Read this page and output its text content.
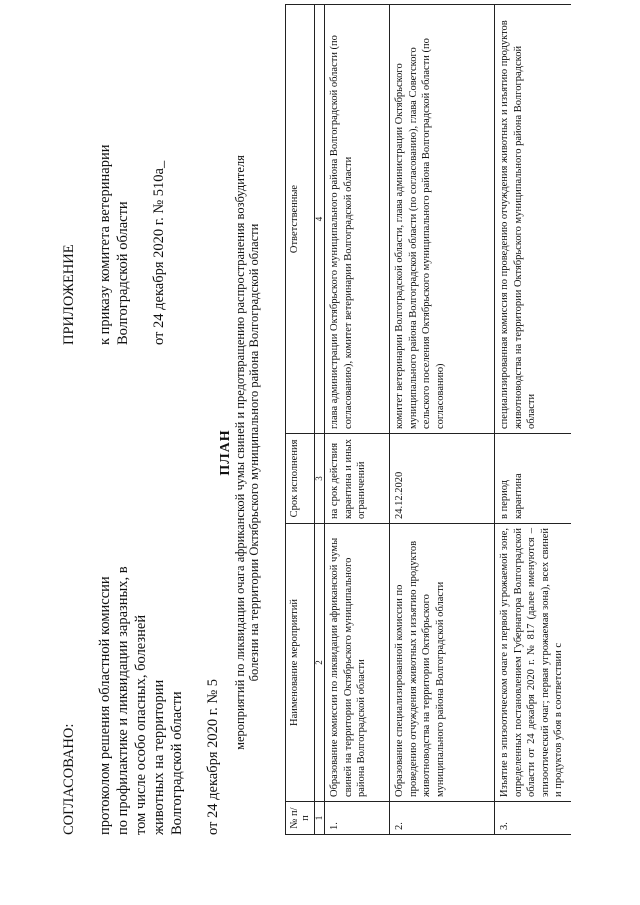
СОГЛАСОВАНО: протоколом решения областной комиссии по профилактике и ликвидации заразных, в том числе особо опасных, болезней животных на территории Волгоградской области от 24 декабря 2020 г. № 5

ПРИЛОЖЕНИЕ к приказу комитета ветеринарии Волгоградской области от 24 декабря 2020 г. № 510а_

ПЛАН мероприятий по ликвидации очага африканской чумы свиней и предотвращению распространения возбудителя болезни на территории Октябрьского муниципального района Волгоградской области
№ п/п	Наименование мероприятий	Срок исполнения	Ответственные
1	2	3	4
1.	Образование комиссии по ликвидации африканской чумы свиней на территории Октябрьского муниципального района Волгоградской области	на срок действия карантина и иных ограничений	глава администрации Октябрьского муниципального района Волгоградской области (по согласованию), комитет ветеринарии Волгоградской области
2.	Образование специализированной комиссии по проведению отчуждения животных и изъятию продуктов животноводства на территории Октябрьского муниципального района Волгоградской области	24.12.2020	комитет ветеринарии Волгоградской области, глава администрации Октябрьского муниципального района Волгоградской области (по согласованию), глава Советского сельского поселения Октябрьского муниципального района Волгоградской области (по согласованию)
3.	Изъятие в эпизоотическом очаге и первой угрожаемой зоне, определенных постановлением Губернатора Волгоградской области от 24 декабря 2020 г. № 817 (далее именуются – эпизоотический очаг; первая угрожаемая зона), всех свиней и продуктов убоя в соответствии с	в период карантина	специализированная комиссия по проведению отчуждения животных и изъятию продуктов животноводства на территории Октябрьского муниципального района Волгоградской области
